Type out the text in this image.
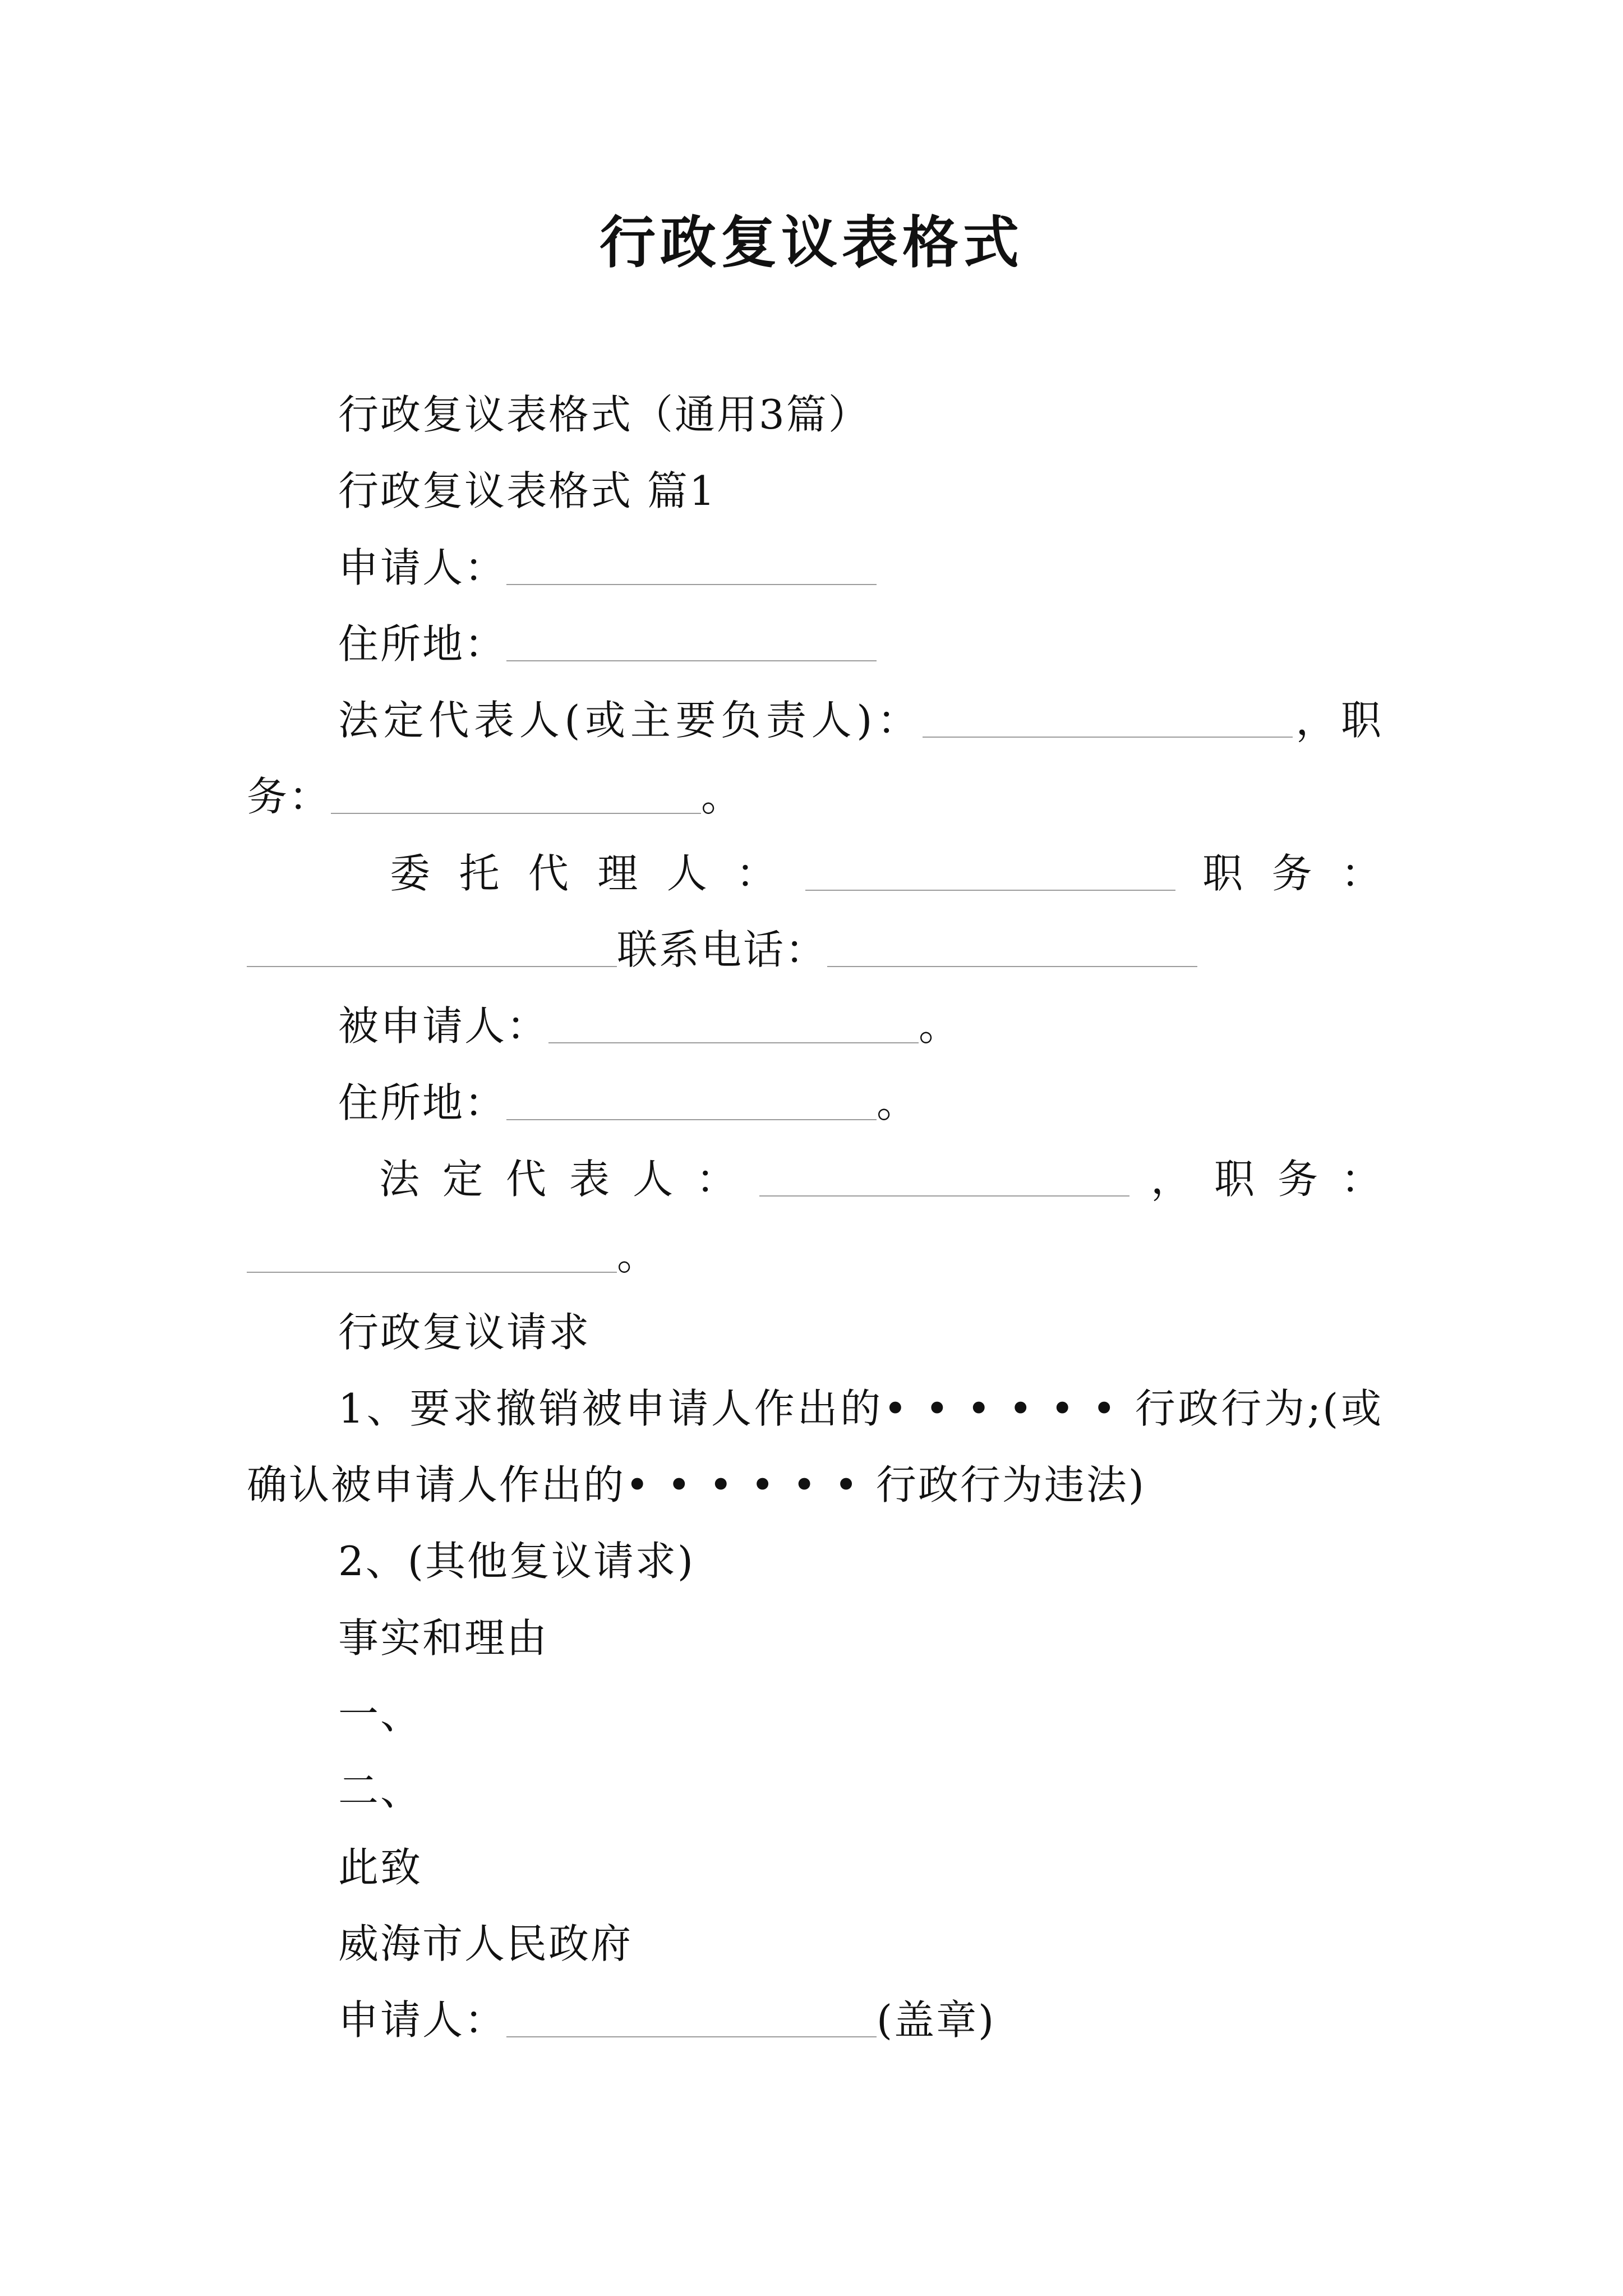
行政复议表格式
行政复议表格式（通用3篇）
行政复议表格式 篇1
申请人：
住所地：
法定代表人(或主要负责人)：	，职
务：	。
委托代理人：	职务：
联系电话：
被申请人：	。
住所地：	。
法定代表人：	，职务：
。
行政复议请求
1、要求撤销被申请人作出的••••••行政行为;(或
确认被申请人作出的••••••行政行为违法)
2、(其他复议请求)
事实和理由
一、
二、
此致
威海市人民政府
申请人：	(盖章)
